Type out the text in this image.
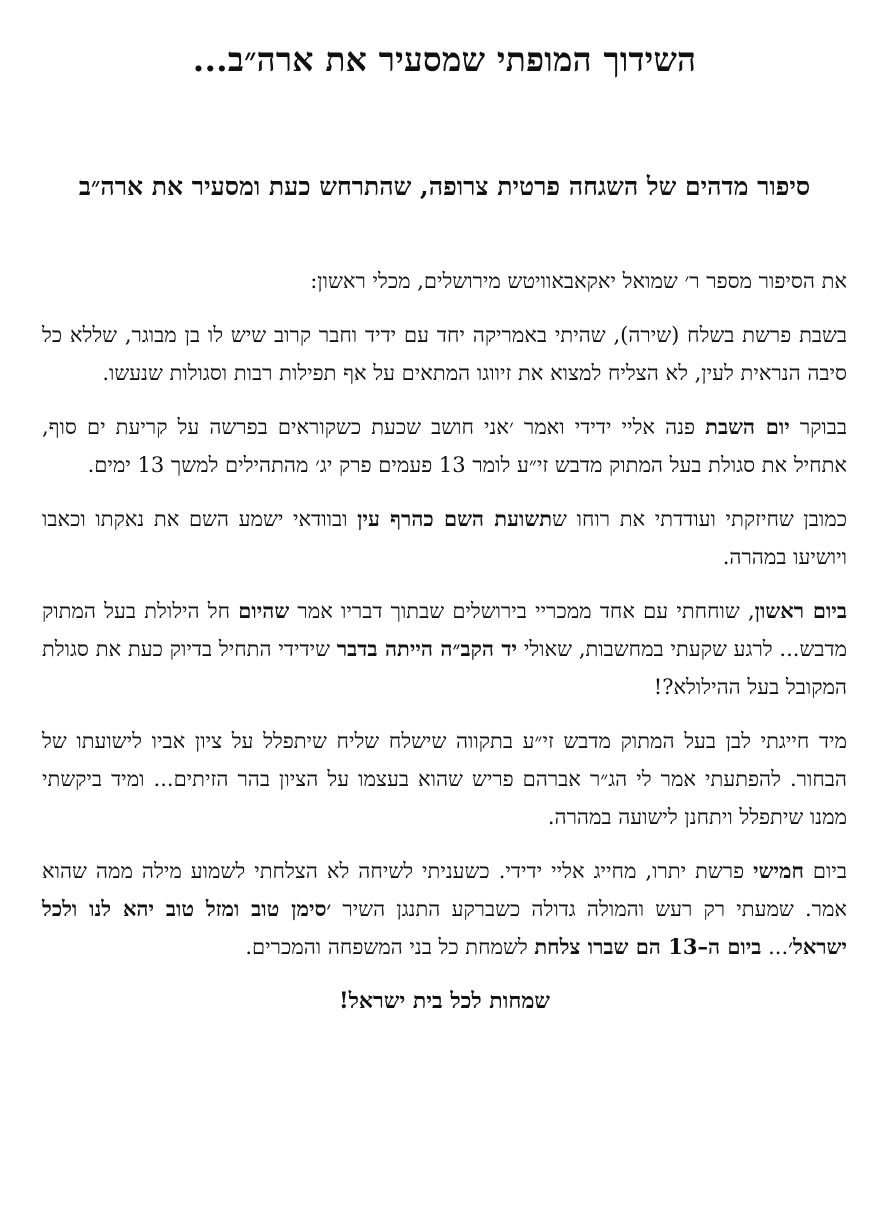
השידוך המופתי שמסעיר את ארה״ב...
סיפור מדהים של השגחה פרטית צרופה, שהתרחש כעת ומסעיר את ארה״ב

את הסיפור מספר ר׳ שמואל יאקאבאוויטש מירושלים, מכלי ראשון:

בשבת פרשת בשלח (שירה), שהיתי באמריקה יחד עם ידיד וחבר קרוב שיש לו בן מבוגר, שללא כל סיבה הנראית לעין, לא הצליח למצוא את זיווגו המתאים על אף תפילות רבות וסגולות שנעשו.

בבוקר יום השבת פנה אליי ידידי ואמר ׳אני חושב שכעת כשקוראים בפרשה על קריעת ים סוף, אתחיל את סגולת בעל המתוק מדבש זי״ע לומר 13 פעמים פרק יג׳ מהתהילים למשך 13 ימים.

כמובן שחיזקתי ועודדתי את רוחו שתשועת השם כהרף עין ובוודאי ישמע השם את נאקתו וכאבו ויושיעו במהרה.

ביום ראשון, שוחחתי עם אחד ממכריי בירושלים שבתוך דבריו אמר שהיום חל הילולת בעל המתוק מדבש... לרגע שקעתי במחשבות, שאולי יד הקב״ה הייתה בדבר שידידי התחיל בדיוק כעת את סגולת המקובל בעל ההילולא?!

מיד חייגתי לבן בעל המתוק מדבש זי״ע בתקווה שישלח שליח שיתפלל על ציון אביו לישועתו של הבחור. להפתעתי אמר לי הג״ר אברהם פריש שהוא בעצמו על הציון בהר הזיתים... ומיד ביקשתי ממנו שיתפלל ויתחנן לישועה במהרה.

ביום חמישי פרשת יתרו, מחייג אליי ידידי. כשעניתי לשיחה לא הצלחתי לשמוע מילה ממה שהוא אמר. שמעתי רק רעש והמולה גדולה כשברקע התנגן השיר ׳סימן טוב ומזל טוב יהא לנו ולכל ישראל׳... ביום ה–13 הם שברו צלחת לשמחת כל בני המשפחה והמכרים.

שמחות לכל בית ישראל!
